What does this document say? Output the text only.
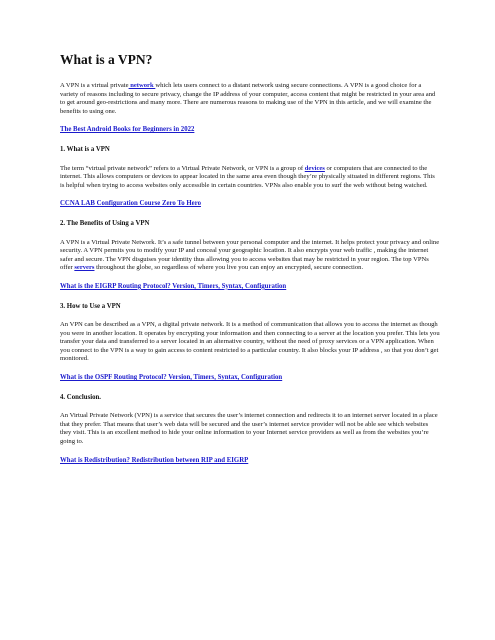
What is a VPN?

A VPN is a virtual private network which lets users connect to a distant network using secure connections. A VPN is a good choice for a variety of reasons including to secure privacy, change the IP address of your computer, access content that might be restricted in your area and to get around geo-restrictions and many more. There are numerous reasons to making use of the VPN in this article, and we will examine the benefits to using one.

The Best Android Books for Beginners in 2022
1. What is a VPN

The term “virtual private network” refers to a Virtual Private Network, or VPN is a group of devices or computers that are connected to the internet. This allows computers or devices to appear located in the same area even though they’re physically situated in different regions. This is helpful when trying to access websites only accessible in certain countries. VPNs also enable you to surf the web without being watched.

CCNA LAB Configuration Course Zero To Hero
2. The Benefits of Using a VPN

A VPN is a Virtual Private Network. It’s a safe tunnel between your personal computer and the internet. It helps protect your privacy and online security. A VPN permits you to modify your IP and conceal your geographic location. It also encrypts your web traffic , making the internet safer and secure. The VPN disguises your identity thus allowing you to access websites that may be restricted in your region. The top VPNs offer servers throughout the globe, so regardless of where you live you can enjoy an encrypted, secure connection.

What is the EIGRP Routing Protocol? Version, Timers, Syntax, Configuration
3. How to Use a VPN

An VPN can be described as a VPN, a digital private network. It is a method of communication that allows you to access the internet as though you were in another location. It operates by encrypting your information and then connecting to a server at the location you prefer. This lets you transfer your data and transferred to a server located in an alternative country, without the need of proxy services or a VPN application. When you connect to the VPN is a way to gain access to content restricted to a particular country. It also blocks your IP address , so that you don’t get monitored.

What is the OSPF Routing Protocol? Version, Timers, Syntax, Configuration
4. Conclusion.

An Virtual Private Network (VPN) is a service that secures the user’s internet connection and redirects it to an internet server located in a place that they prefer. That means that user’s web data will be secured and the user’s internet service provider will not be able see which websites they visit. This is an excellent method to hide your online information to your Internet service providers as well as from the websites you’re going to.

What is Redistribution? Redistribution between RIP and EIGRP
